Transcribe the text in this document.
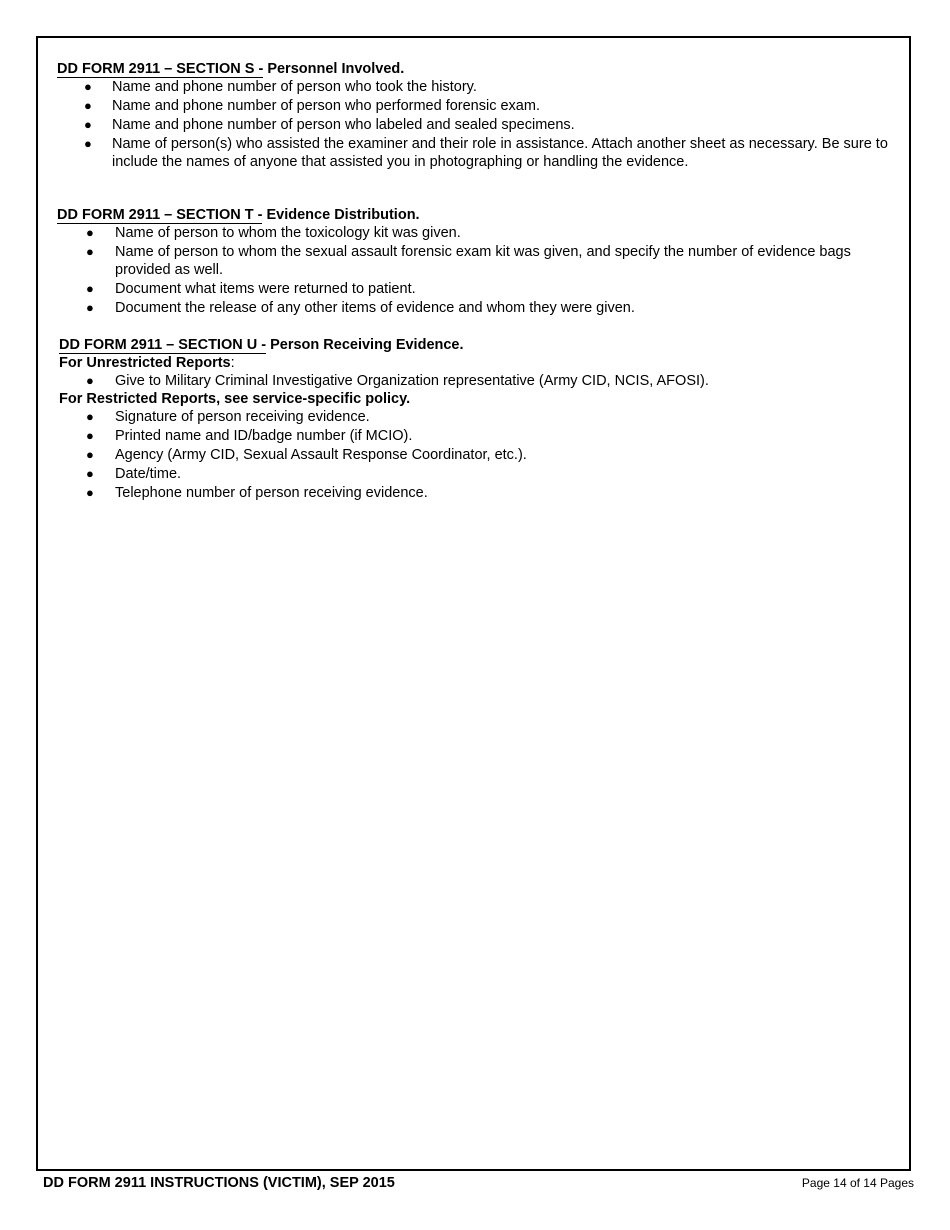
DD FORM 2911 – SECTION S - Personnel Involved.
● Name and phone number of person who took the history.
● Name and phone number of person who performed forensic exam.
● Name and phone number of person who labeled and sealed specimens.
● Name of person(s) who assisted the examiner and their role in assistance. Attach another sheet as necessary. Be sure to include the names of anyone that assisted you in photographing or handling the evidence.
DD FORM 2911 – SECTION T - Evidence Distribution.
● Name of person to whom the toxicology kit was given.
● Name of person to whom the sexual assault forensic exam kit was given, and specify the number of evidence bags provided as well.
● Document what items were returned to patient.
● Document the release of any other items of evidence and whom they were given.
DD FORM 2911 – SECTION U - Person Receiving Evidence.
For Unrestricted Reports:
● Give to Military Criminal Investigative Organization representative (Army CID, NCIS, AFOSI).
For Restricted Reports, see service-specific policy.
● Signature of person receiving evidence.
● Printed name and ID/badge number (if MCIO).
● Agency (Army CID, Sexual Assault Response Coordinator, etc.).
● Date/time.
● Telephone number of person receiving evidence.
DD FORM 2911 INSTRUCTIONS (VICTIM), SEP 2015	Page 14 of 14 Pages
